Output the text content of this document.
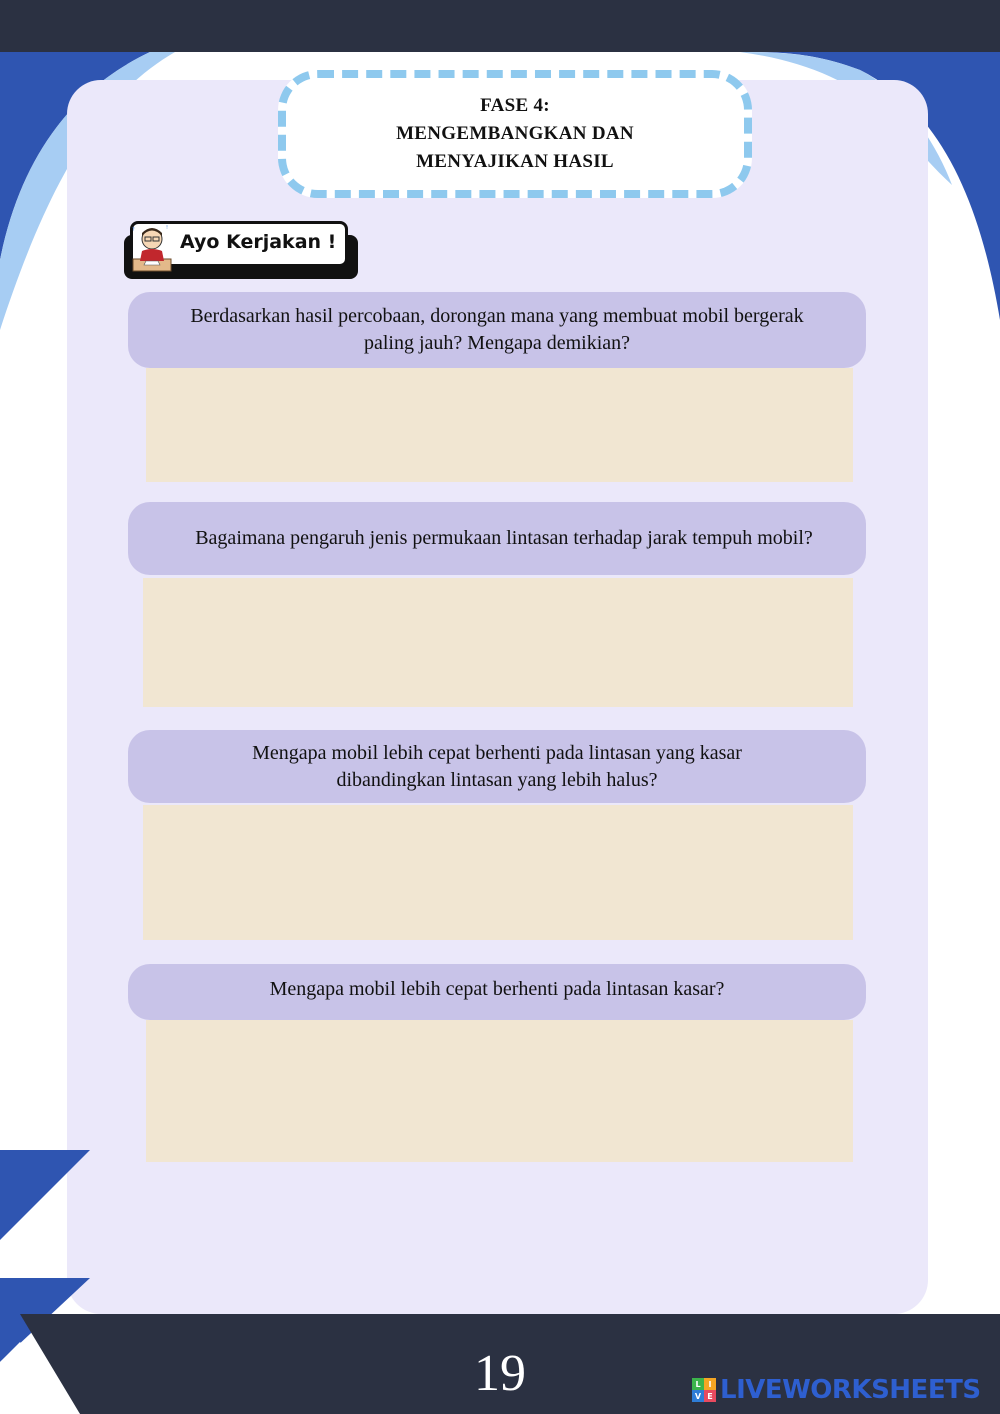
FASE 4:
MENGEMBANGKAN DAN
MENYAJIKAN HASIL
?	!
Ayo Kerjakan !
Berdasarkan hasil percobaan, dorongan mana yang membuat mobil bergerak
paling jauh? Mengapa demikian?
Bagaimana pengaruh jenis permukaan lintasan terhadap jarak tempuh mobil?
Mengapa mobil lebih cepat berhenti pada lintasan yang kasar
dibandingkan lintasan yang lebih halus?
Mengapa mobil lebih cepat berhenti pada lintasan kasar?
19	L I
V E LIVEWORKSHEETS
